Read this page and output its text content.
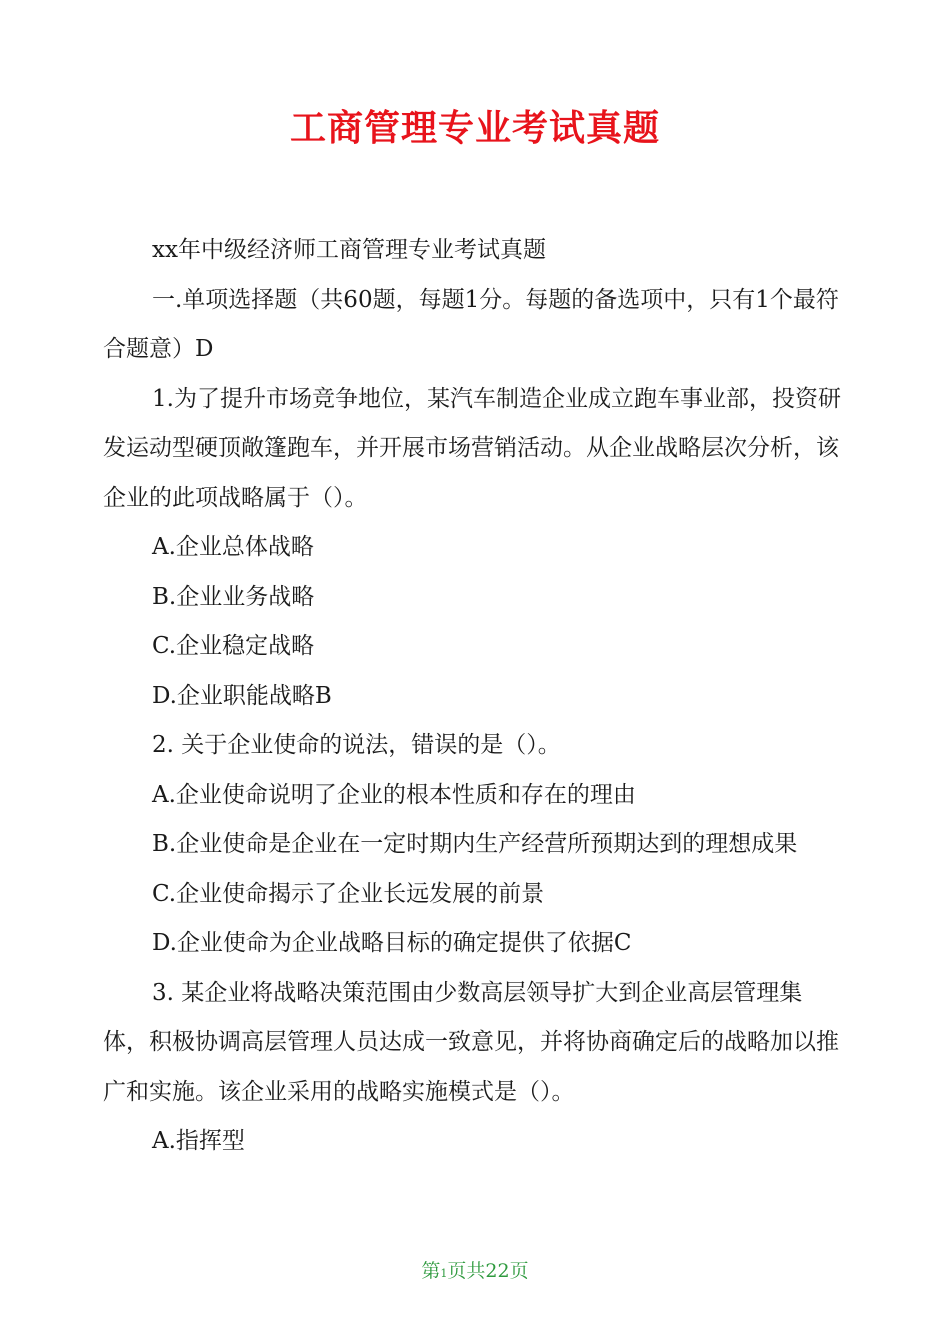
工商管理专业考试真题

xx年中级经济师工商管理专业考试真题

一.单项选择题（共60题，每题1分。每题的备选项中，只有1个最符合题意）D

1.为了提升市场竞争地位，某汽车制造企业成立跑车事业部，投资研发运动型硬顶敞篷跑车，并开展市场营销活动。从企业战略层次分析，该企业的此项战略属于（）。

A.企业总体战略

B.企业业务战略

C.企业稳定战略

D.企业职能战略B

2. 关于企业使命的说法，错误的是（）。

A.企业使命说明了企业的根本性质和存在的理由

B.企业使命是企业在一定时期内生产经营所预期达到的理想成果

C.企业使命揭示了企业长远发展的前景

D.企业使命为企业战略目标的确定提供了依据C

3. 某企业将战略决策范围由少数高层领导扩大到企业高层管理集体，积极协调高层管理人员达成一致意见，并将协商确定后的战略加以推广和实施。该企业采用的战略实施模式是（）。

A.指挥型

第1页共22页
